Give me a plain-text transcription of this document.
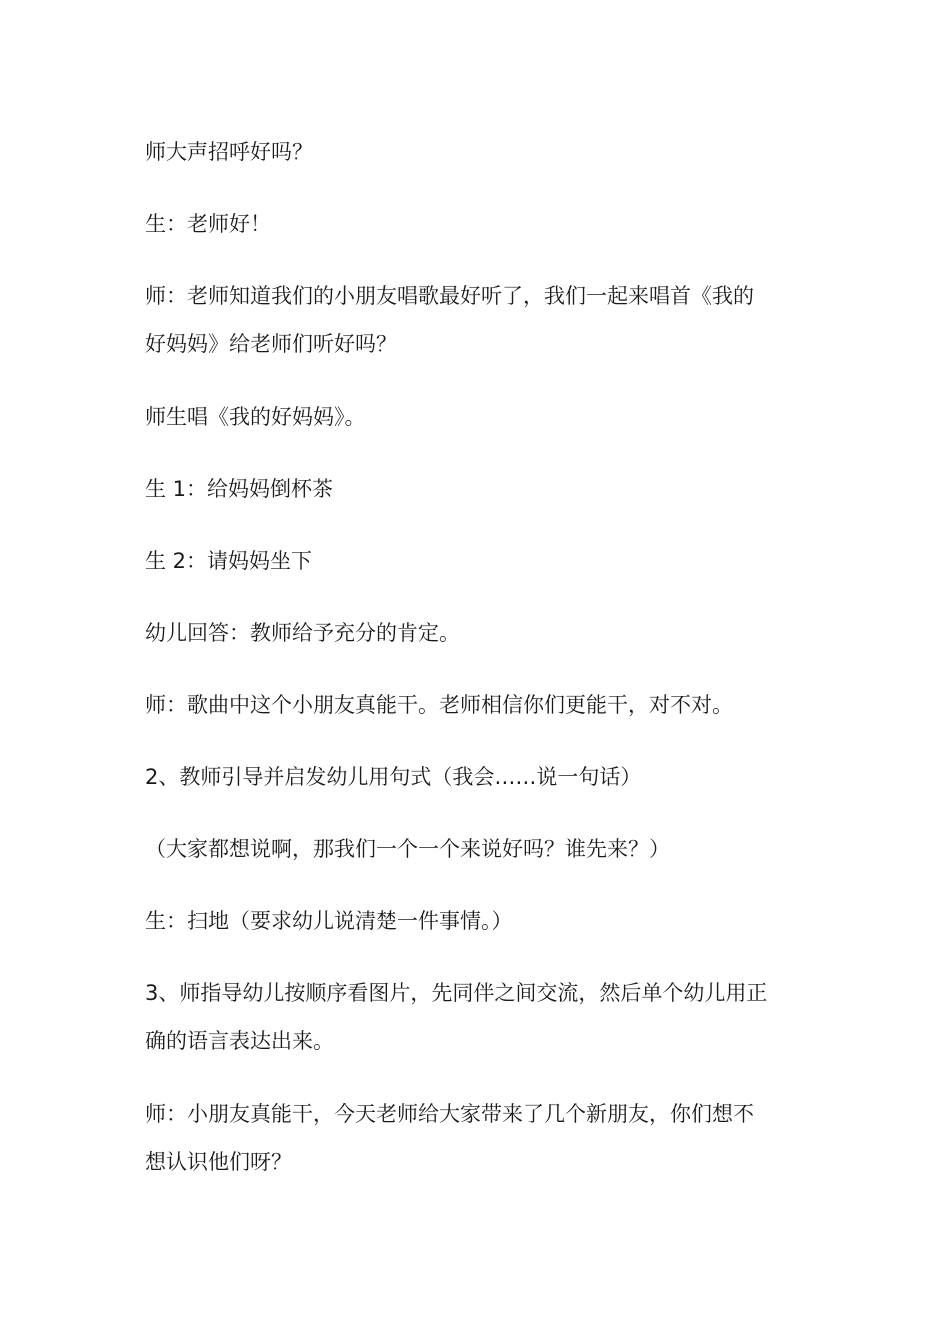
师大声招呼好吗？

生：老师好！

师：老师知道我们的小朋友唱歌最好听了，我们一起来唱首《我的
好妈妈》给老师们听好吗？

师生唱《我的好妈妈》。

生 1：给妈妈倒杯茶

生 2：请妈妈坐下

幼儿回答：教师给予充分的肯定。

师：歌曲中这个小朋友真能干。老师相信你们更能干，对不对。

2、教师引导并启发幼儿用句式（我会……说一句话）

（大家都想说啊，那我们一个一个来说好吗？谁先来？）

生：扫地（要求幼儿说清楚一件事情。）

3、师指导幼儿按顺序看图片，先同伴之间交流，然后单个幼儿用正
确的语言表达出来。

师：小朋友真能干，今天老师给大家带来了几个新朋友，你们想不
想认识他们呀？
